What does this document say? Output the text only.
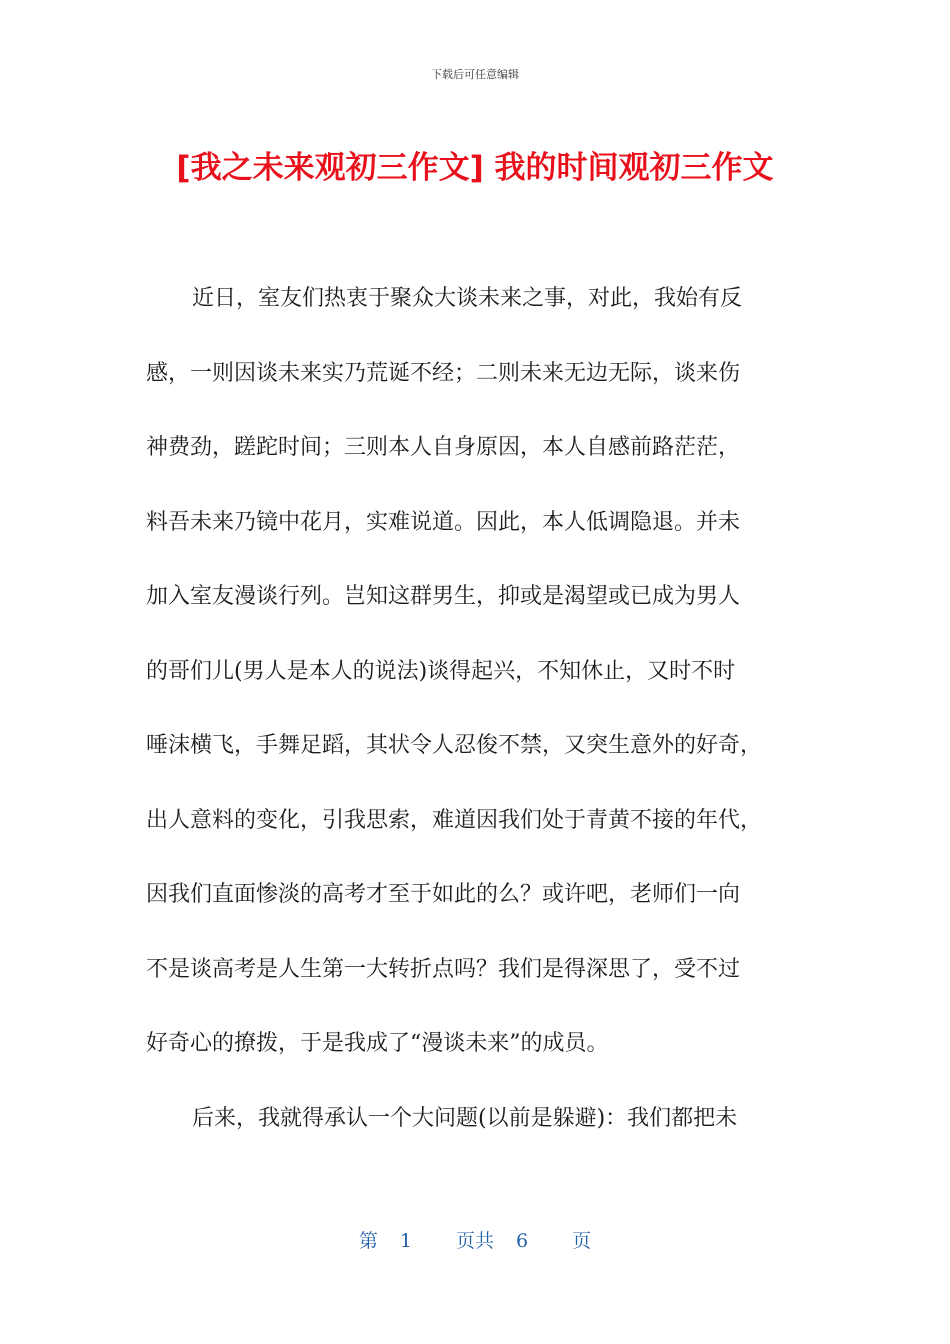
下载后可任意编辑
[我之未来观初三作文] 我的时间观初三作文
近日，室友们热衷于聚众大谈未来之事，对此，我始有反
感，一则因谈未来实乃荒诞不经；二则未来无边无际，谈来伤
神费劲，蹉跎时间；三则本人自身原因，本人自感前路茫茫，
料吾未来乃镜中花月，实难说道。因此，本人低调隐退。并未
加入室友漫谈行列。岂知这群男生，抑或是渴望或已成为男人
的哥们儿(男人是本人的说法)谈得起兴，不知休止，又时不时
唾沫横飞，手舞足蹈，其状令人忍俊不禁，又突生意外的好奇，
出人意料的变化，引我思索，难道因我们处于青黄不接的年代，
因我们直面惨淡的高考才至于如此的么？或许吧，老师们一向
不是谈高考是人生第一大转折点吗？我们是得深思了，受不过
好奇心的撩拨，于是我成了“漫谈未来”的成员。
后来，我就得承认一个大问题(以前是躲避)：我们都把未
第 1 页共 6 页
